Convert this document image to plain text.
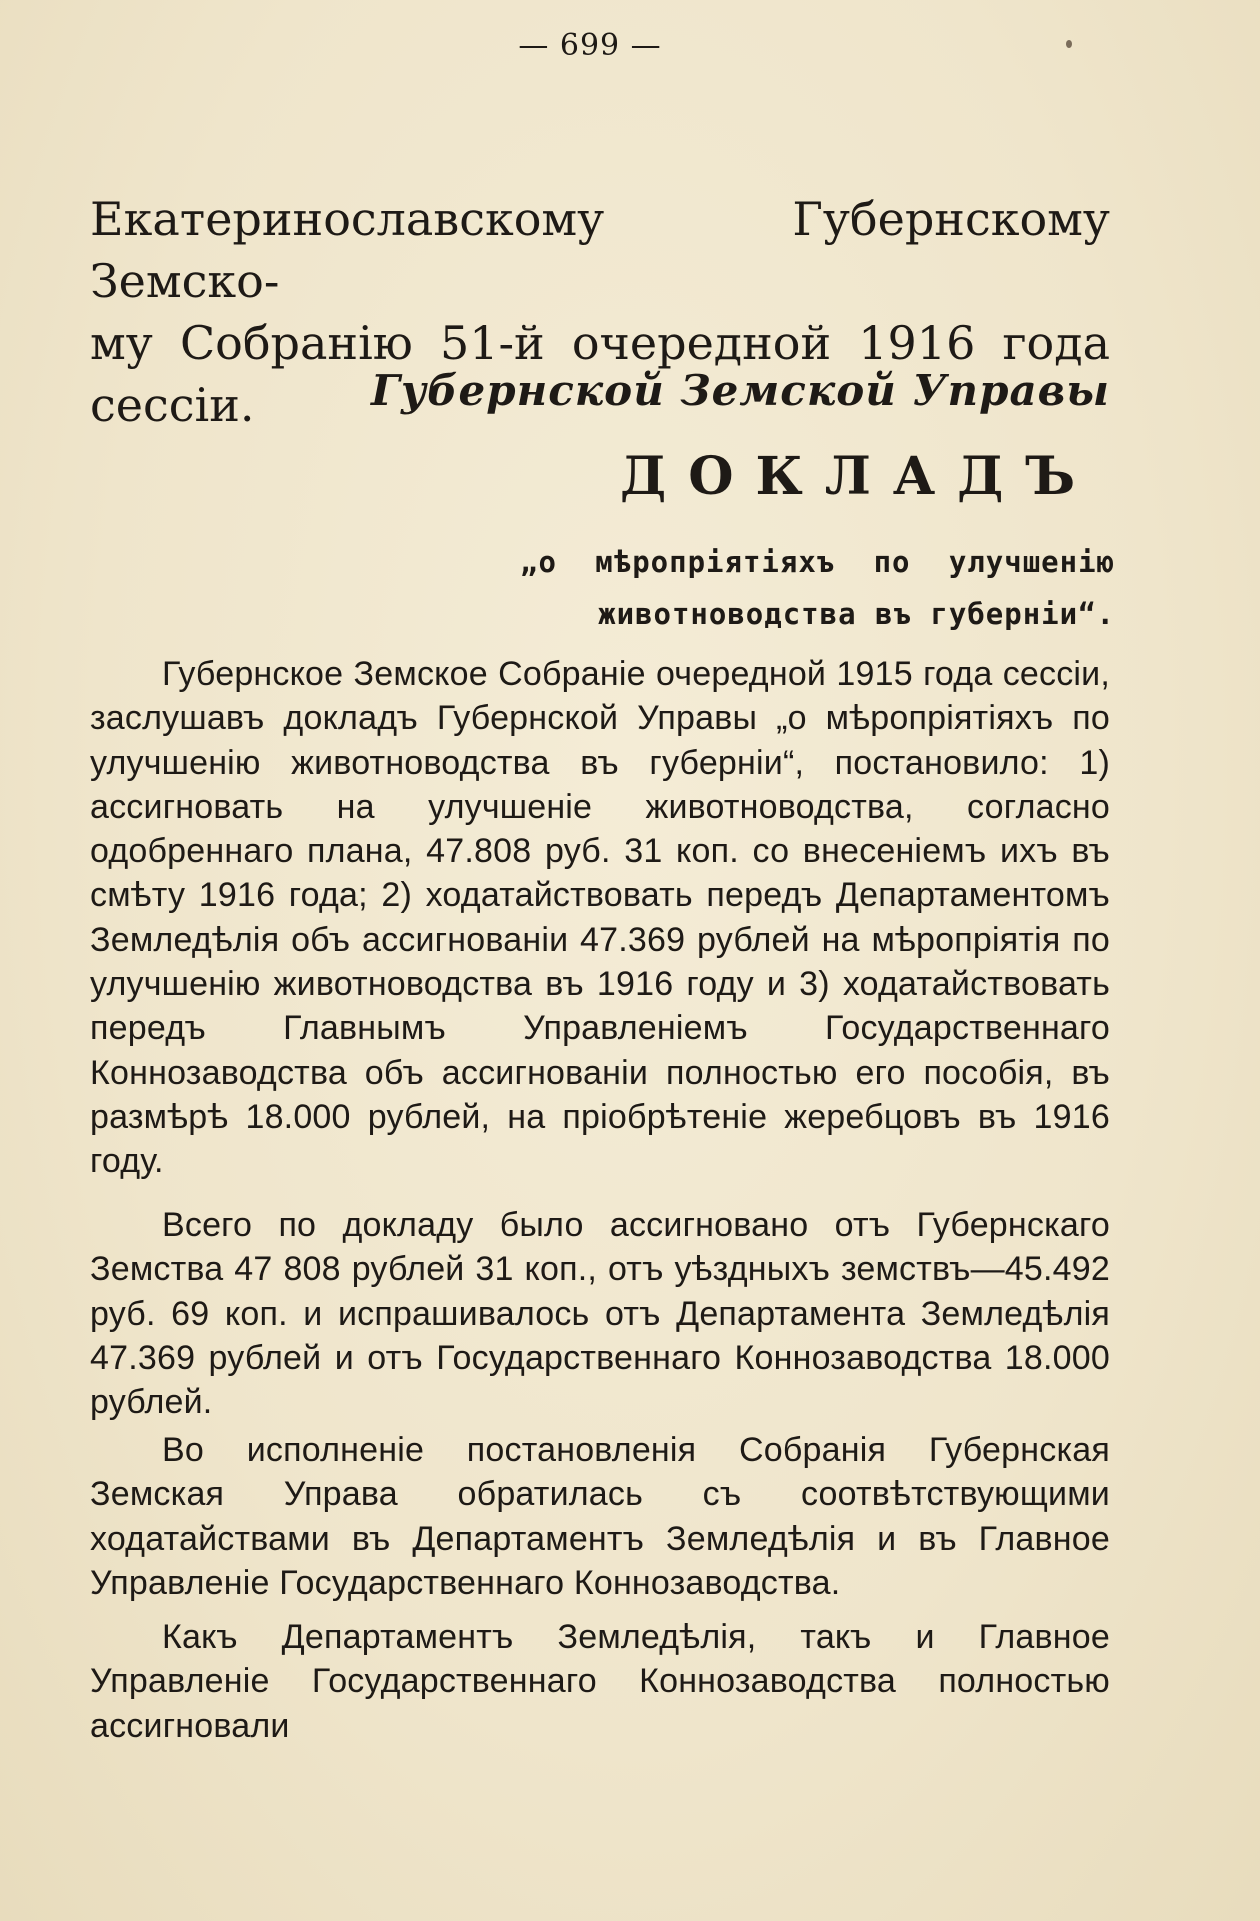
— 699 —
Екатеринославскому Губернскому Земско-
му Собранію 51-й очередной 1916 года сессіи.	Губернской Земской Управы
ДОКЛАДЪ
„о мѣропріятіяхъ по улучшенію
животноводства въ губерніи“.

Губернское Земское Собраніе очередной 1915 года сессіи, заслушавъ докладъ Губернской Управы „о мѣропріятіяхъ по улучшенію животноводства въ губерніи“, постановило: 1) ассигновать на улучшеніе животноводства, согласно одобреннаго плана, 47.808 руб. 31 коп. со внесеніемъ ихъ въ смѣту 1916 года; 2) ходатайствовать передъ Департаментомъ Земледѣлія объ ассигнованіи 47.369 рублей на мѣропріятія по улучшенію животноводства въ 1916 году и 3) ходатайствовать передъ Главнымъ Управленіемъ Государственнаго Коннозаводства объ ассигнованіи полностью его пособія, въ размѣрѣ 18.000 рублей, на пріобрѣтеніе жеребцовъ въ 1916 году.

Всего по докладу было ассигновано отъ Губернскаго Земства 47 808 рублей 31 коп., отъ уѣздныхъ земствъ—45.492 руб. 69 коп. и испрашивалось отъ Департамента Земледѣлія 47.369 рублей и отъ Государственнаго Коннозаводства 18.000 рублей.

Во исполненіе постановленія Собранія Губернская Земская Управа обратилась съ соотвѣтствующими ходатайствами въ Департаментъ Земледѣлія и въ Главное Управленіе Государственнаго Коннозаводства.

Какъ Департаментъ Земледѣлія, такъ и Главное Управленіе Государственнаго Коннозаводства полностью ассигновали
